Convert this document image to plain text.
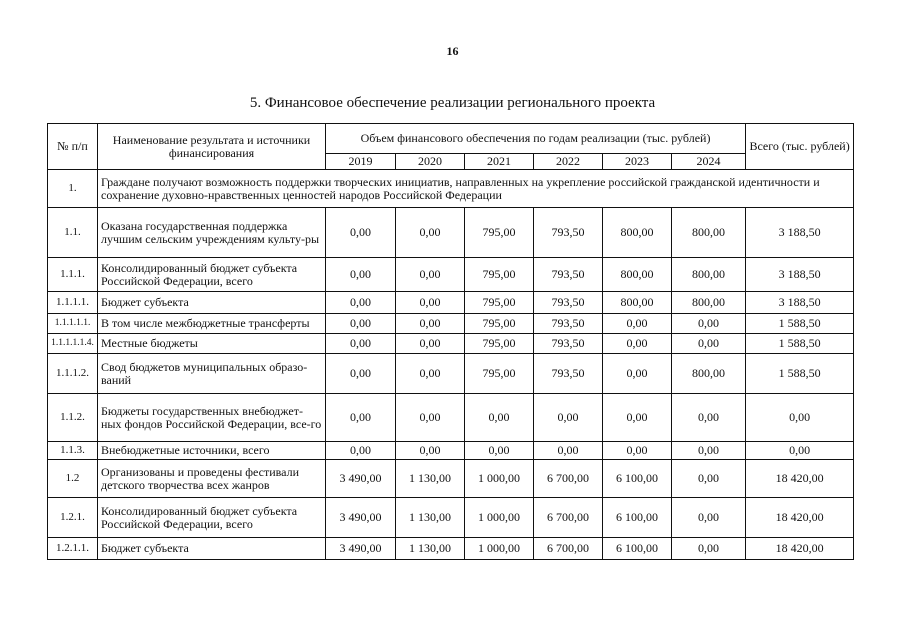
16
5. Финансовое обеспечение реализации регионального проекта
№ п/п	Наименование результата и источники финансирования	Объем финансового обеспечения по годам реализации (тыс. рублей)						Всего (тыс. рублей)
		2019	2020	2021	2022	2023	2024	
1.	Граждане получают возможность поддержки творческих инициатив, направленных на укрепление российской гражданской идентичности и сохранение духовно-нравственных ценностей народов Российской Федерации							
1.1.	Оказана государственная поддержка лучшим сельским учреждениям культу-ры	0,00	0,00	795,00	793,50	800,00	800,00	3 188,50
1.1.1.	Консолидированный бюджет субъекта Российской Федерации, всего	0,00	0,00	795,00	793,50	800,00	800,00	3 188,50
1.1.1.1.	Бюджет субъекта	0,00	0,00	795,00	793,50	800,00	800,00	3 188,50
1.1.1.1.1.	В том числе межбюджетные трансферты	0,00	0,00	795,00	793,50	0,00	0,00	1 588,50
1.1.1.1.1.4.	Местные бюджеты	0,00	0,00	795,00	793,50	0,00	0,00	1 588,50
1.1.1.2.	Свод бюджетов муниципальных образо-ваний	0,00	0,00	795,00	793,50	0,00	800,00	1 588,50
1.1.2.	Бюджеты государственных внебюджет-ных фондов Российской Федерации, все-го	0,00	0,00	0,00	0,00	0,00	0,00	0,00
1.1.3.	Внебюджетные источники, всего	0,00	0,00	0,00	0,00	0,00	0,00	0,00
1.2	Организованы и проведены фестивали детского творчества всех жанров	3 490,00	1 130,00	1 000,00	6 700,00	6 100,00	0,00	18 420,00
1.2.1.	Консолидированный бюджет субъекта Российской Федерации, всего	3 490,00	1 130,00	1 000,00	6 700,00	6 100,00	0,00	18 420,00
1.2.1.1.	Бюджет субъекта	3 490,00	1 130,00	1 000,00	6 700,00	6 100,00	0,00	18 420,00
